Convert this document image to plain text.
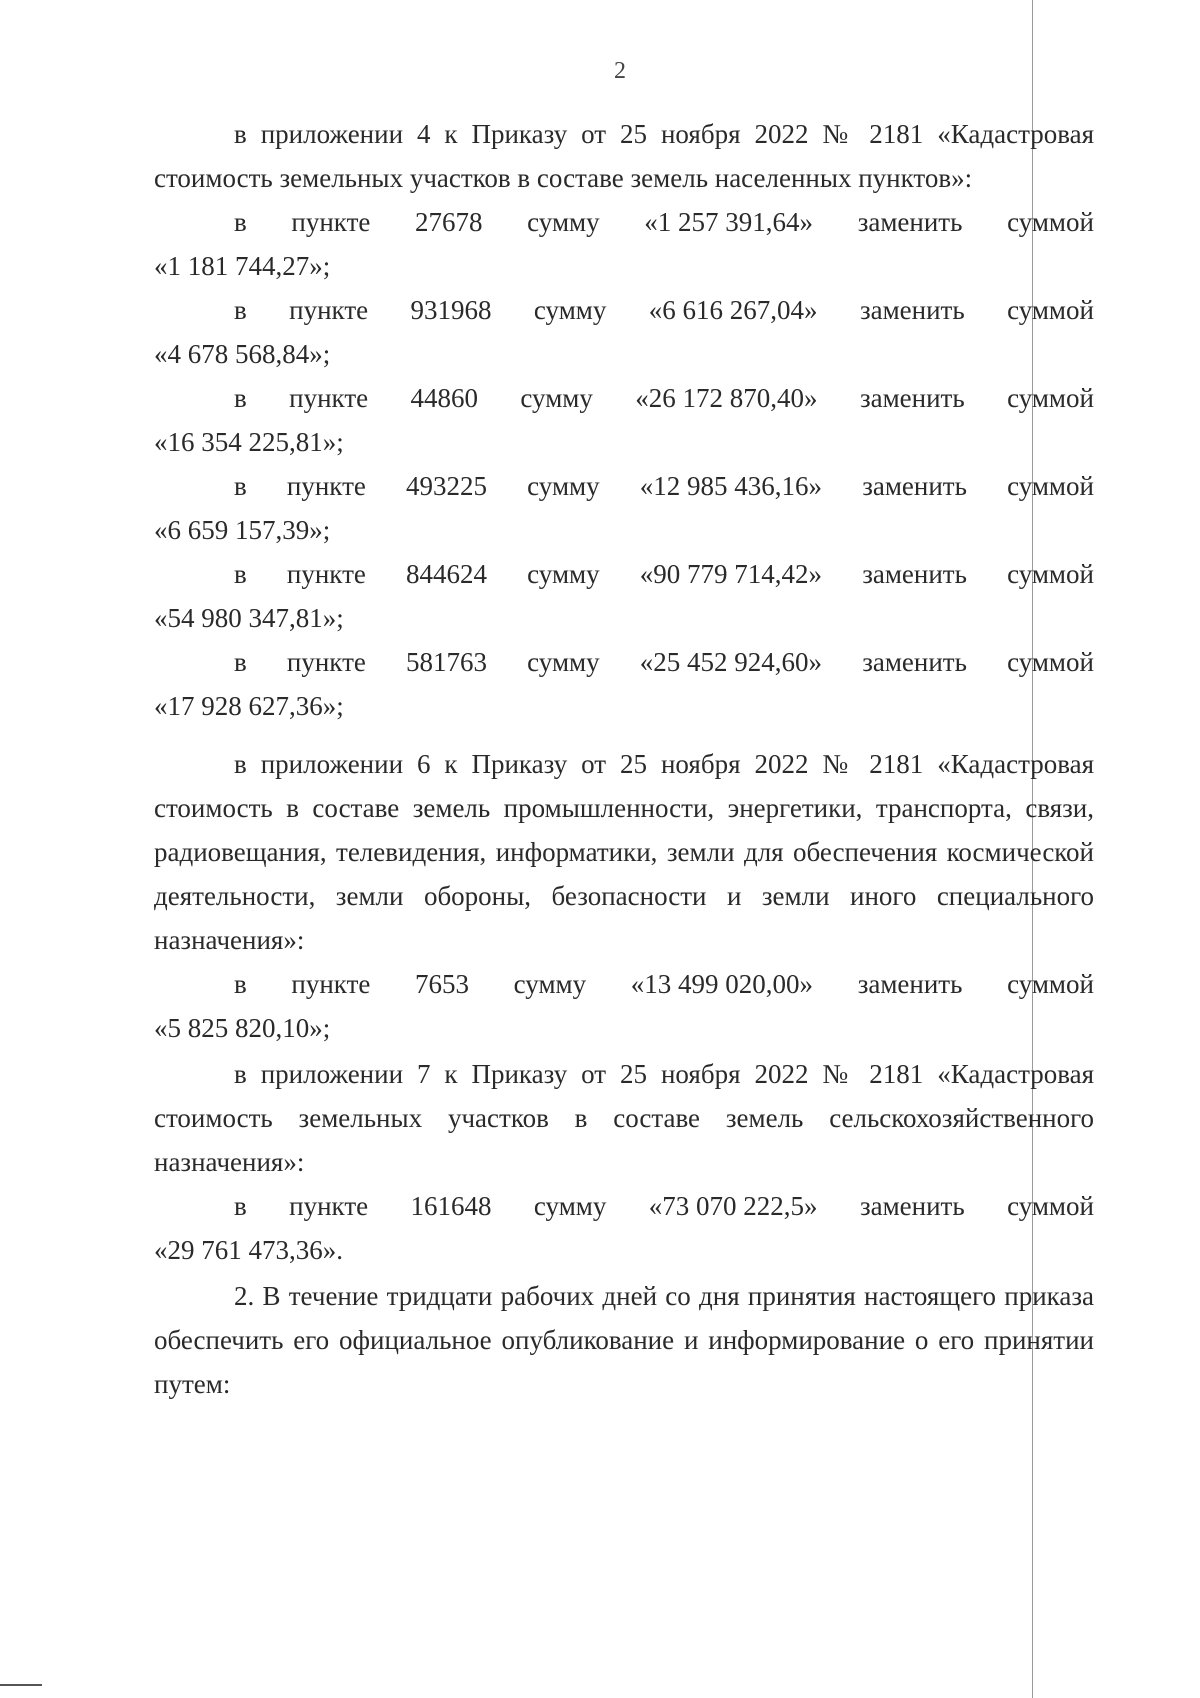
2

в приложении 4 к Приказу от 25 ноября 2022 № 2181 «Кадастровая стоимость земельных участков в составе земель населенных пунктов»:

в пункте 27678 сумму «1 257 391,64» заменить суммой
«1 181 744,27»;
в пункте 931968 сумму «6 616 267,04» заменить суммой
«4 678 568,84»;
в пункте 44860 сумму «26 172 870,40» заменить суммой
«16 354 225,81»;
в пункте 493225 сумму «12 985 436,16» заменить суммой
«6 659 157,39»;
в пункте 844624 сумму «90 779 714,42» заменить суммой
«54 980 347,81»;
в пункте 581763 сумму «25 452 924,60» заменить суммой
«17 928 627,36»;

в приложении 6 к Приказу от 25 ноября 2022 № 2181 «Кадастровая стоимость в составе земель промышленности, энергетики, транспорта, связи, радиовещания, телевидения, информатики, земли для обеспечения космической деятельности, земли обороны, безопасности и земли иного специального назначения»:

в пункте 7653 сумму «13 499 020,00» заменить суммой
«5 825 820,10»;

в приложении 7 к Приказу от 25 ноября 2022 № 2181 «Кадастровая стоимость земельных участков в составе земель сельскохозяйственного назначения»:

в пункте 161648 сумму «73 070 222,5» заменить суммой
«29 761 473,36».

2. В течение тридцати рабочих дней со дня принятия настоящего приказа обеспечить его официальное опубликование и информирование о его принятии путем:
